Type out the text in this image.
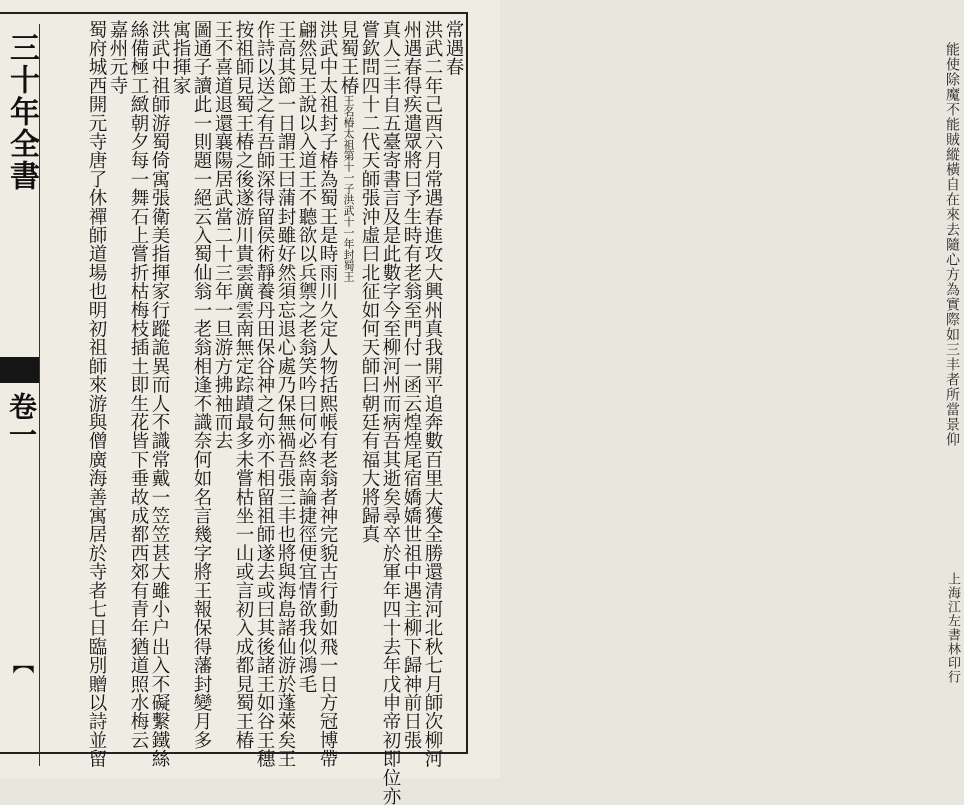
三十年全書
卷一
︻
能使除魔不能賊縱橫自在來去隨心方為實際如三丰者所當景仰
上海江左書林印行
常遇春
洪武二年己酉六月常遇春進攻大興州真我開平追奔數百里大獲全勝還清河北秋七月師次柳河
州遇春得疾遣眾將曰予生時有老翁至門付一函云煌煌尾宿嬌嬌世祖中遇主柳下歸神前日張
真人三丰自五臺寄書言及是此數字今至柳河州而病吾其逝矣尋卒於軍年四十去年戊申帝初即位亦
嘗欽問四十二代天師張沖虛曰北征如何天師曰朝廷有福大將歸真
見蜀王椿王名椿太祖第十一子洪武十一年封蜀王
洪武中太祖封子椿為蜀王是時雨川久定人物括熙帳有老翁者神完貌古行動如飛一日方冠博帶
翩然見王說以入道王不聽欲以兵禦之老翁笑吟曰何必終南論捷徑便宜情欲我似鴻毛
王高其節一日謂王曰蒲封雖好然須忘退心處乃保無禍吾張三丰也將與海島諸仙游於蓬萊矣王
作詩以送之有吾師深得留侯術靜養丹田保谷神之句亦不相留祖師遂去或曰其後諸王如谷王穗
按祖師見蜀王椿之後遂游川貴雲廣雲南無定踪蹟最多未嘗枯坐一山或言初入成都見蜀王椿
王不喜道退還襄陽居武當二十三年一旦游方拂袖而去
圖通子讀此一則題一絕云入蜀仙翁一老翁相逢不識奈何如名言幾字將王報保得藩封變月多
寓指揮家
洪武中祖師游蜀倚寓張衛美指揮家行蹤詭異而人不識常戴一笠笠甚大雖小户出入不礙繫鐵絲
絲備極工緻朝夕每一舞石上嘗折枯梅枝插土即生花皆下垂故成都西郊有青年猶道照水梅云
嘉州元寺
蜀府城西開元寺唐了休禪師道場也明初祖師來游與僧廣海善寓居於寺者七日臨別贈以詩並留
